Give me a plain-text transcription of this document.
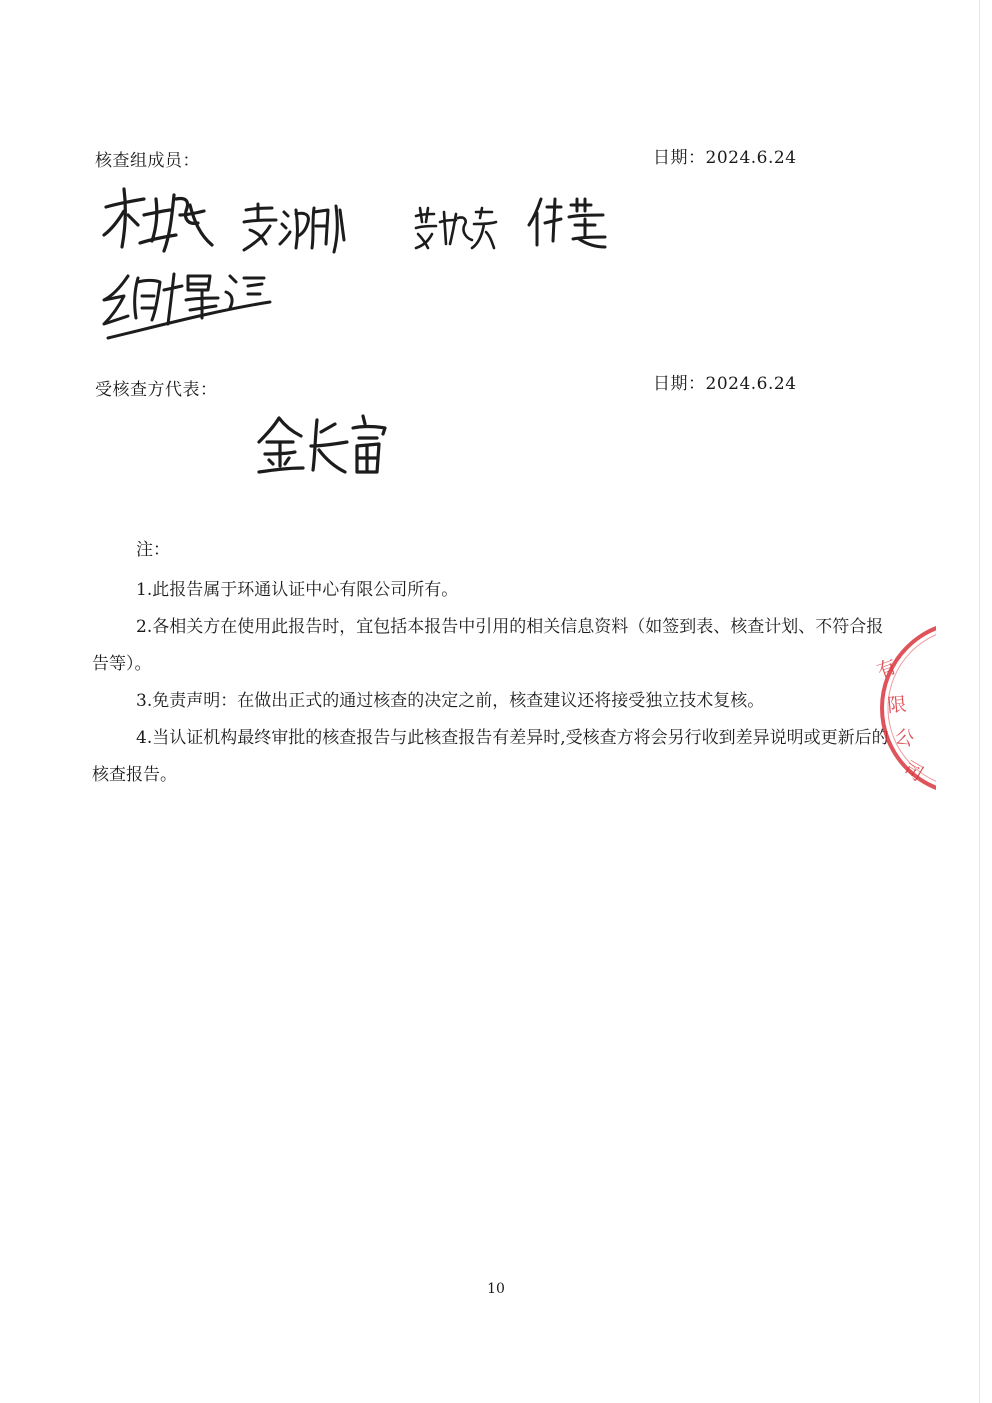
核查组成员：	日期：2024.6.24
受核查方代表：	日期：2024.6.24
注：

1.此报告属于环通认证中心有限公司所有。

2.各相关方在使用此报告时，宜包括本报告中引用的相关信息资料（如签到表、核查计划、不符合报告等）。

3.免责声明：在做出正式的通过核查的决定之前，核查建议还将接受独立技术复核。

4.当认证机构最终审批的核查报告与此核查报告有差异时,受核查方将会另行收到差异说明或更新后的核查报告。

有
限
公
司
10
